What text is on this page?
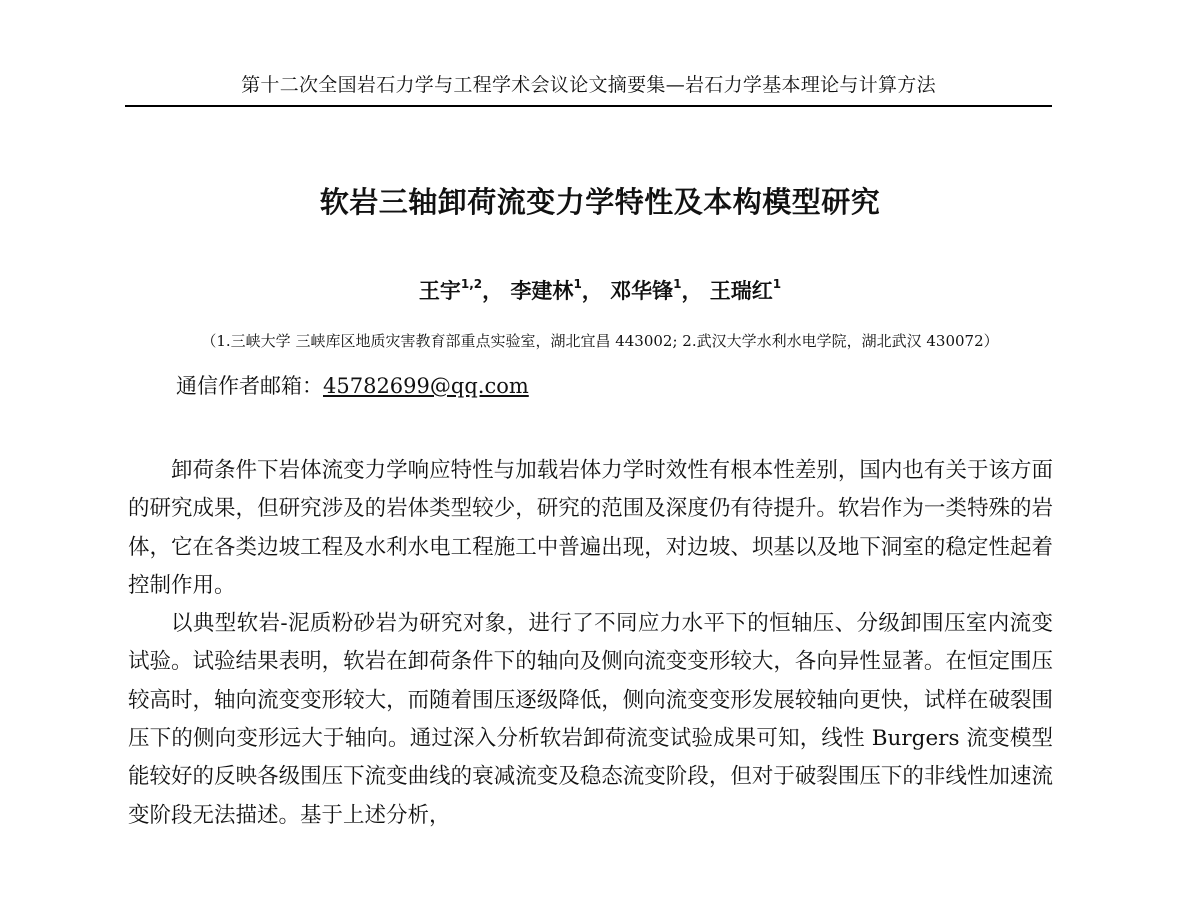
第十二次全国岩石力学与工程学术会议论文摘要集—岩石力学基本理论与计算方法
软岩三轴卸荷流变力学特性及本构模型研究
王宇$^{1,2}$， 李建林$^1$， 邓华锋$^1$， 王瑞红$^1$
（1.三峡大学 三峡库区地质灾害教育部重点实验室，湖北宜昌 443002; 2.武汉大学水利水电学院，湖北武汉 430072）
通信作者邮箱：45782699@qq.com

卸荷条件下岩体流变力学响应特性与加载岩体力学时效性有根本性差别，国内也有关于该方面的研究成果，但研究涉及的岩体类型较少，研究的范围及深度仍有待提升。软岩作为一类特殊的岩体，它在各类边坡工程及水利水电工程施工中普遍出现，对边坡、坝基以及地下洞室的稳定性起着控制作用。

以典型软岩-泥质粉砂岩为研究对象，进行了不同应力水平下的恒轴压、分级卸围压室内流变试验。试验结果表明，软岩在卸荷条件下的轴向及侧向流变变形较大，各向异性显著。在恒定围压较高时，轴向流变变形较大，而随着围压逐级降低，侧向流变变形发展较轴向更快，试样在破裂围压下的侧向变形远大于轴向。通过深入分析软岩卸荷流变试验成果可知，线性 Burgers 流变模型能较好的反映各级围压下流变曲线的衰减流变及稳态流变阶段，但对于破裂围压下的非线性加速流变阶段无法描述。基于上述分析，
